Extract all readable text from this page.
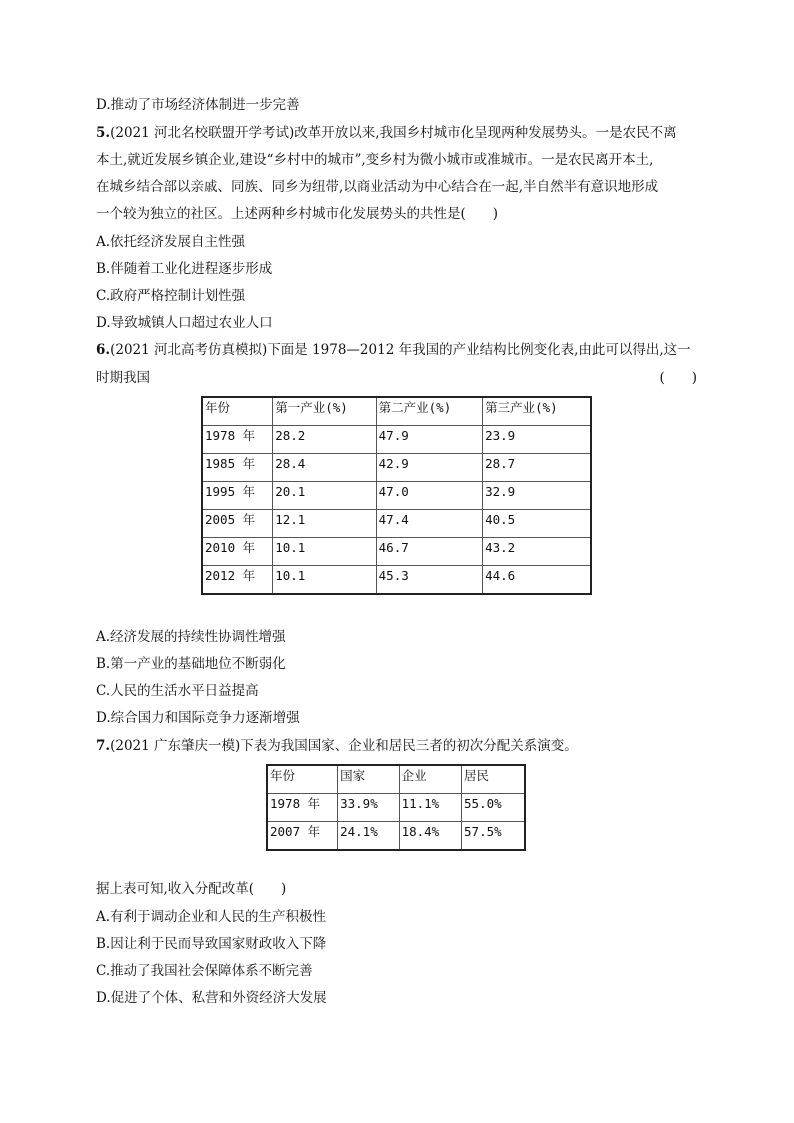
D.推动了市场经济体制进一步完善
5.(2021 河北名校联盟开学考试)改革开放以来,我国乡村城市化呈现两种发展势头。一是农民不离
本土,就近发展乡镇企业,建设“乡村中的城市”,变乡村为微小城市或准城市。一是农民离开本土,
在城乡结合部以亲戚、同族、同乡为纽带,以商业活动为中心结合在一起,半自然半有意识地形成
一个较为独立的社区。上述两种乡村城市化发展势头的共性是(　　)
A.依托经济发展自主性强
B.伴随着工业化进程逐步形成
C.政府严格控制计划性强
D.导致城镇人口超过农业人口
6.(2021 河北高考仿真模拟)下面是 1978—2012 年我国的产业结构比例变化表,由此可以得出,这一
时期我国	(　　)
年份	第一产业(%)	第二产业(%)	第三产业(%)
1978 年	28.2	47.9	23.9
1985 年	28.4	42.9	28.7
1995 年	20.1	47.0	32.9
2005 年	12.1	47.4	40.5
2010 年	10.1	46.7	43.2
2012 年	10.1	45.3	44.6
A.经济发展的持续性协调性增强
B.第一产业的基础地位不断弱化
C.人民的生活水平日益提高
D.综合国力和国际竞争力逐渐增强
7.(2021 广东肇庆一模)下表为我国国家、企业和居民三者的初次分配关系演变。
年份	国家	企业	居民
1978 年	33.9%	11.1%	55.0%
2007 年	24.1%	18.4%	57.5%
据上表可知,收入分配改革(　　)
A.有利于调动企业和人民的生产积极性
B.因让利于民而导致国家财政收入下降
C.推动了我国社会保障体系不断完善
D.促进了个体、私营和外资经济大发展
